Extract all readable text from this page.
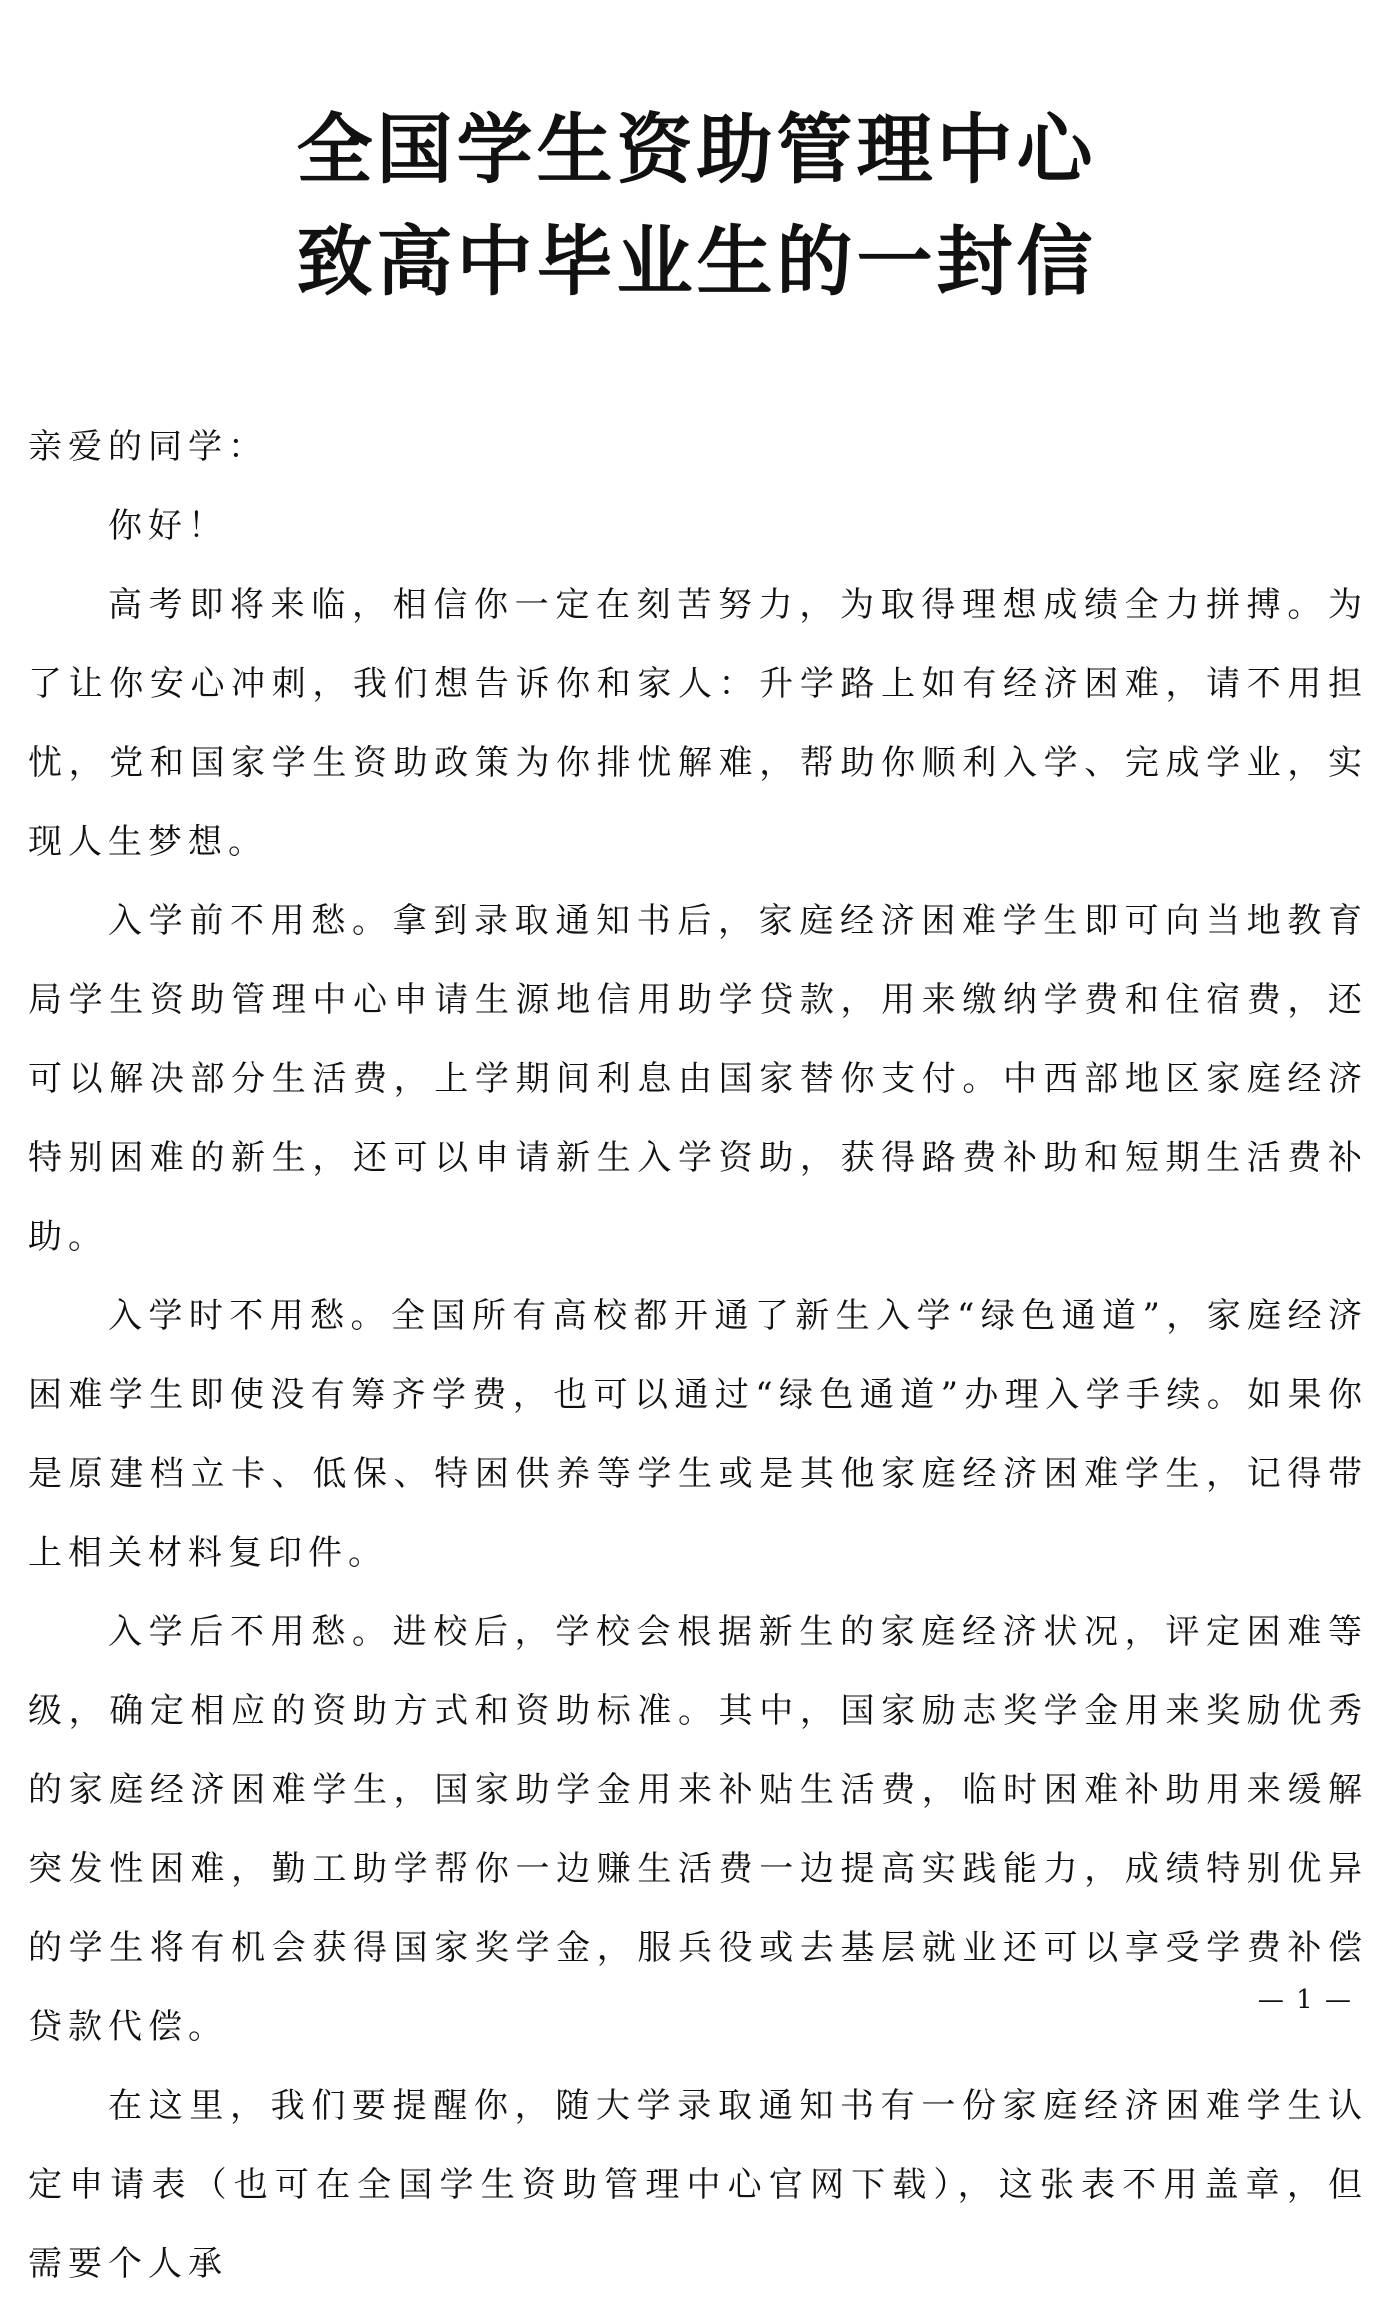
全国学生资助管理中心
致高中毕业生的一封信

亲爱的同学：

你好！

高考即将来临，相信你一定在刻苦努力，为取得理想成绩全力拼搏。为了让你安心冲刺，我们想告诉你和家人：升学路上如有经济困难，请不用担忧，党和国家学生资助政策为你排忧解难，帮助你顺利入学、完成学业，实现人生梦想。

入学前不用愁。拿到录取通知书后，家庭经济困难学生即可向当地教育局学生资助管理中心申请生源地信用助学贷款，用来缴纳学费和住宿费，还可以解决部分生活费，上学期间利息由国家替你支付。中西部地区家庭经济特别困难的新生，还可以申请新生入学资助，获得路费补助和短期生活费补助。

入学时不用愁。全国所有高校都开通了新生入学“绿色通道”，家庭经济困难学生即使没有筹齐学费，也可以通过“绿色通道”办理入学手续。如果你是原建档立卡、低保、特困供养等学生或是其他家庭经济困难学生，记得带上相关材料复印件。

入学后不用愁。进校后，学校会根据新生的家庭经济状况，评定困难等级，确定相应的资助方式和资助标准。其中，国家励志奖学金用来奖励优秀的家庭经济困难学生，国家助学金用来补贴生活费，临时困难补助用来缓解突发性困难，勤工助学帮你一边赚生活费一边提高实践能力，成绩特别优异的学生将有机会获得国家奖学金，服兵役或去基层就业还可以享受学费补偿贷款代偿。

在这里，我们要提醒你，随大学录取通知书有一份家庭经济困难学生认定申请表（也可在全国学生资助管理中心官网下载），这张表不用盖章，但需要个人承

— 1 —
